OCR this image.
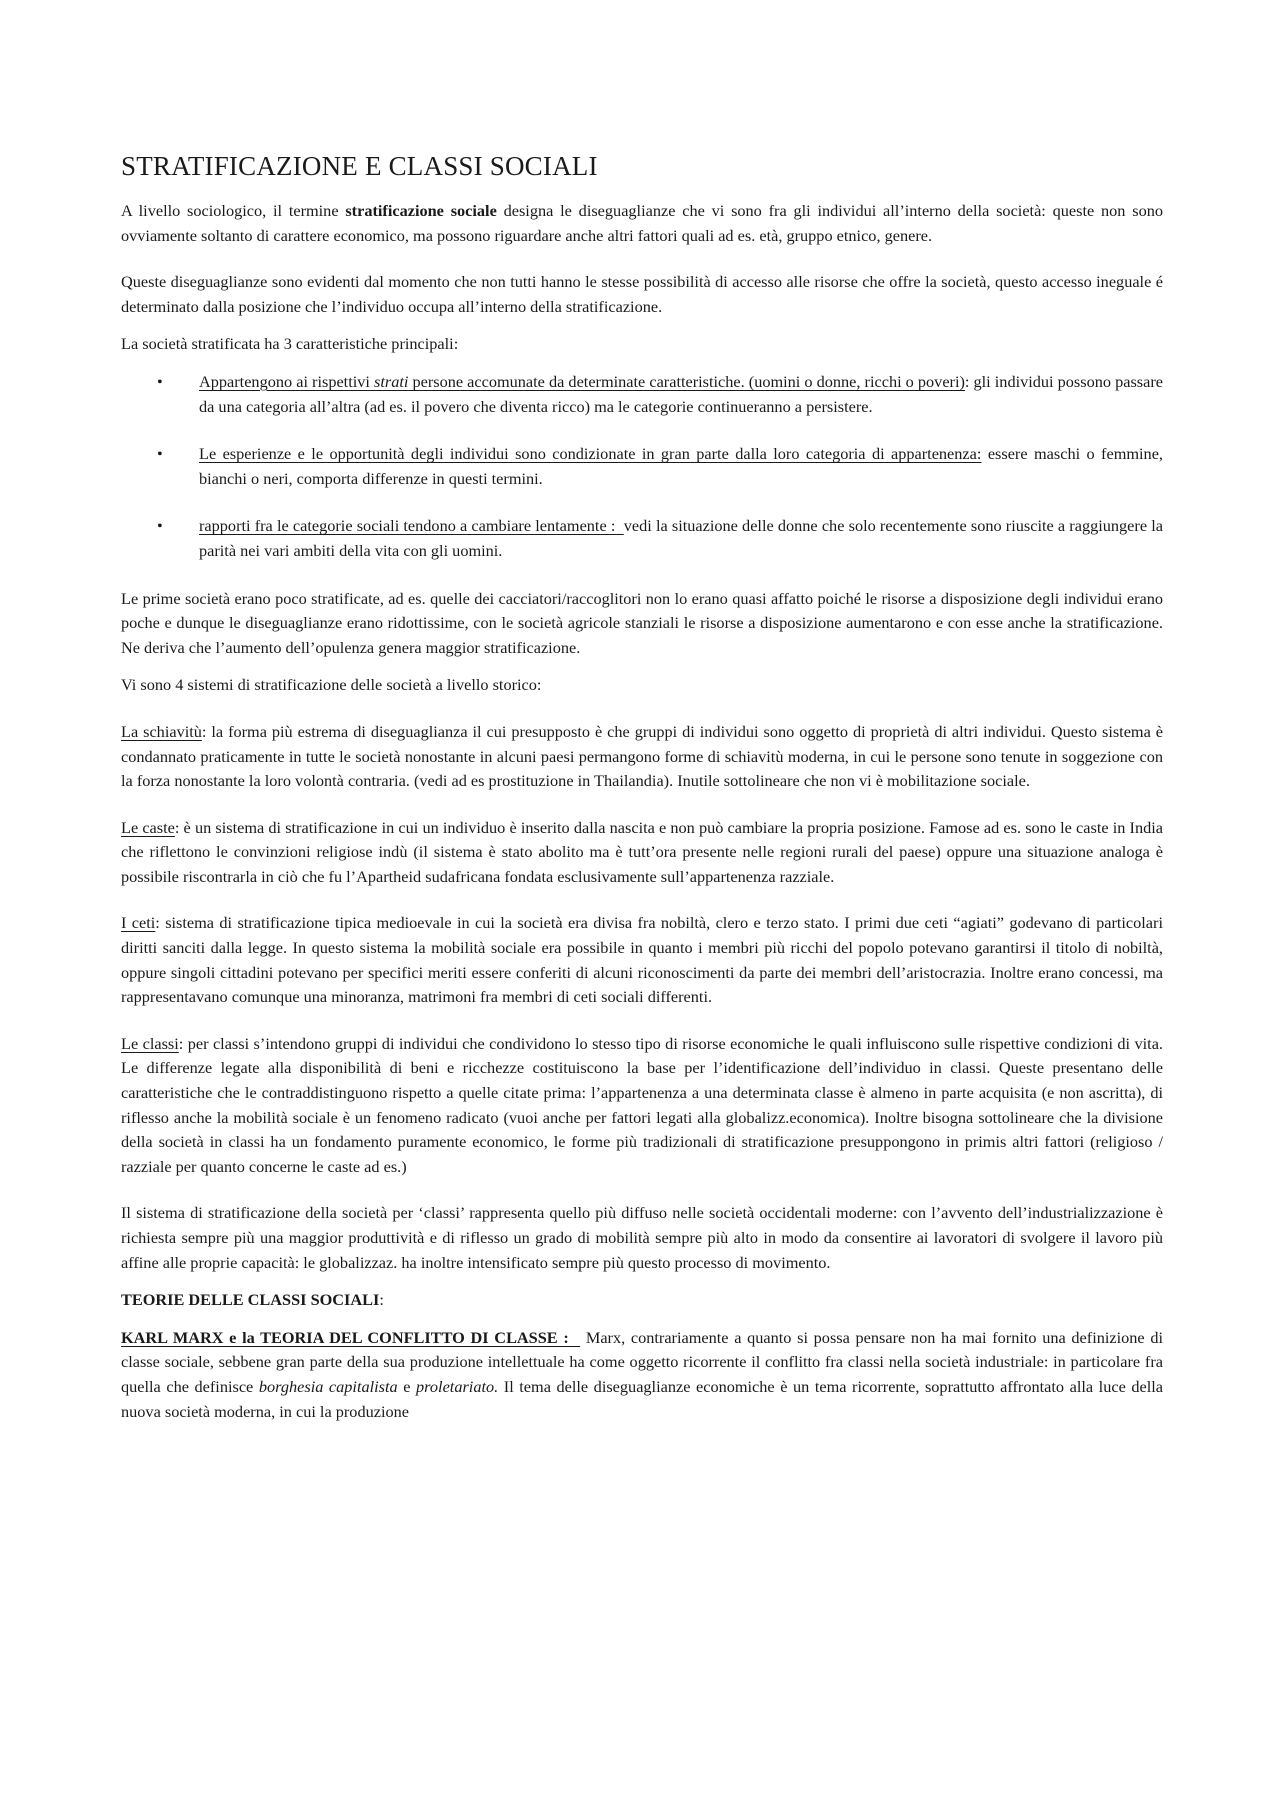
STRATIFICAZIONE E CLASSI SOCIALI

A livello sociologico, il termine stratificazione sociale designa le diseguaglianze che vi sono fra gli individui all’interno della società: queste non sono ovviamente soltanto di carattere economico, ma possono riguardare anche altri fattori quali ad es. età, gruppo etnico, genere.

Queste diseguaglianze sono evidenti dal momento che non tutti hanno le stesse possibilità di accesso alle risorse che offre la società, questo accesso ineguale é determinato dalla posizione che l’individuo occupa all’interno della stratificazione.

La società stratificata ha 3 caratteristiche principali:

• Appartengono ai rispettivi strati persone accomunate da determinate caratteristiche. (uomini o donne, ricchi o poveri): gli individui possono passare da una categoria all’altra (ad es. il povero che diventa ricco) ma le categorie continueranno a persistere.
• Le esperienze e le opportunità degli individui sono condizionate in gran parte dalla loro categoria di appartenenza: essere maschi o femmine, bianchi o neri, comporta differenze in questi termini.
• rapporti fra le categorie sociali tendono a cambiare lentamente :  vedi la situazione delle donne che solo recentemente sono riuscite a raggiungere la parità nei vari ambiti della vita con gli uomini.

Le prime società erano poco stratificate, ad es. quelle dei cacciatori/raccoglitori non lo erano quasi affatto poiché le risorse a disposizione degli individui erano poche e dunque le diseguaglianze erano ridottissime, con le società agricole stanziali le risorse a disposizione aumentarono e con esse anche la stratificazione. Ne deriva che l’aumento dell’opulenza genera maggior stratificazione.

Vi sono 4 sistemi di stratificazione delle società a livello storico:

La schiavitù: la forma più estrema di diseguaglianza il cui presupposto è che gruppi di individui sono oggetto di proprietà di altri individui. Questo sistema è condannato praticamente in tutte le società nonostante in alcuni paesi permangono forme di schiavitù moderna, in cui le persone sono tenute in soggezione con la forza nonostante la loro volontà contraria. (vedi ad es prostituzione in Thailandia). Inutile sottolineare che non vi è mobilitazione sociale.

Le caste: è un sistema di stratificazione in cui un individuo è inserito dalla nascita e non può cambiare la propria posizione. Famose ad es. sono le caste in India che riflettono le convinzioni religiose indù (il sistema è stato abolito ma è tutt’ora presente nelle regioni rurali del paese) oppure una situazione analoga è possibile riscontrarla in ciò che fu l’Apartheid sudafricana fondata esclusivamente sull’appartenenza razziale.

I ceti: sistema di stratificazione tipica medioevale in cui la società era divisa fra nobiltà, clero e terzo stato. I primi due ceti “agiati” godevano di particolari diritti sanciti dalla legge. In questo sistema la mobilità sociale era possibile in quanto i membri più ricchi del popolo potevano garantirsi il titolo di nobiltà, oppure singoli cittadini potevano per specifici meriti essere conferiti di alcuni riconoscimenti da parte dei membri dell’aristocrazia. Inoltre erano concessi, ma rappresentavano comunque una minoranza, matrimoni fra membri di ceti sociali differenti.

Le classi: per classi s’intendono gruppi di individui che condividono lo stesso tipo di risorse economiche le quali influiscono sulle rispettive condizioni di vita. Le differenze legate alla disponibilità di beni e ricchezze costituiscono la base per l’identificazione dell’individuo in classi. Queste presentano delle caratteristiche che le contraddistinguono rispetto a quelle citate prima: l’appartenenza a una determinata classe è almeno in parte acquisita (e non ascritta), di riflesso anche la mobilità sociale è un fenomeno radicato (vuoi anche per fattori legati alla globalizz.economica). Inoltre bisogna sottolineare che la divisione della società in classi ha un fondamento puramente economico, le forme più tradizionali di stratificazione presuppongono in primis altri fattori (religioso / razziale per quanto concerne le caste ad es.)

Il sistema di stratificazione della società per ‘classi’ rappresenta quello più diffuso nelle società occidentali moderne: con l’avvento dell’industrializzazione è richiesta sempre più una maggior produttività e di riflesso un grado di mobilità sempre più alto in modo da consentire ai lavoratori di svolgere il lavoro più affine alle proprie capacità: le globalizzaz. ha inoltre intensificato sempre più questo processo di movimento.

TEORIE DELLE CLASSI SOCIALI:

KARL MARX e la TEORIA DEL CONFLITTO DI CLASSE :   Marx, contrariamente a quanto si possa pensare non ha mai fornito una definizione di classe sociale, sebbene gran parte della sua produzione intellettuale ha come oggetto ricorrente il conflitto fra classi nella società industriale: in particolare fra quella che definisce borghesia capitalista e proletariato. Il tema delle diseguaglianze economiche è un tema ricorrente, soprattutto affrontato alla luce della nuova società moderna, in cui la produzione
